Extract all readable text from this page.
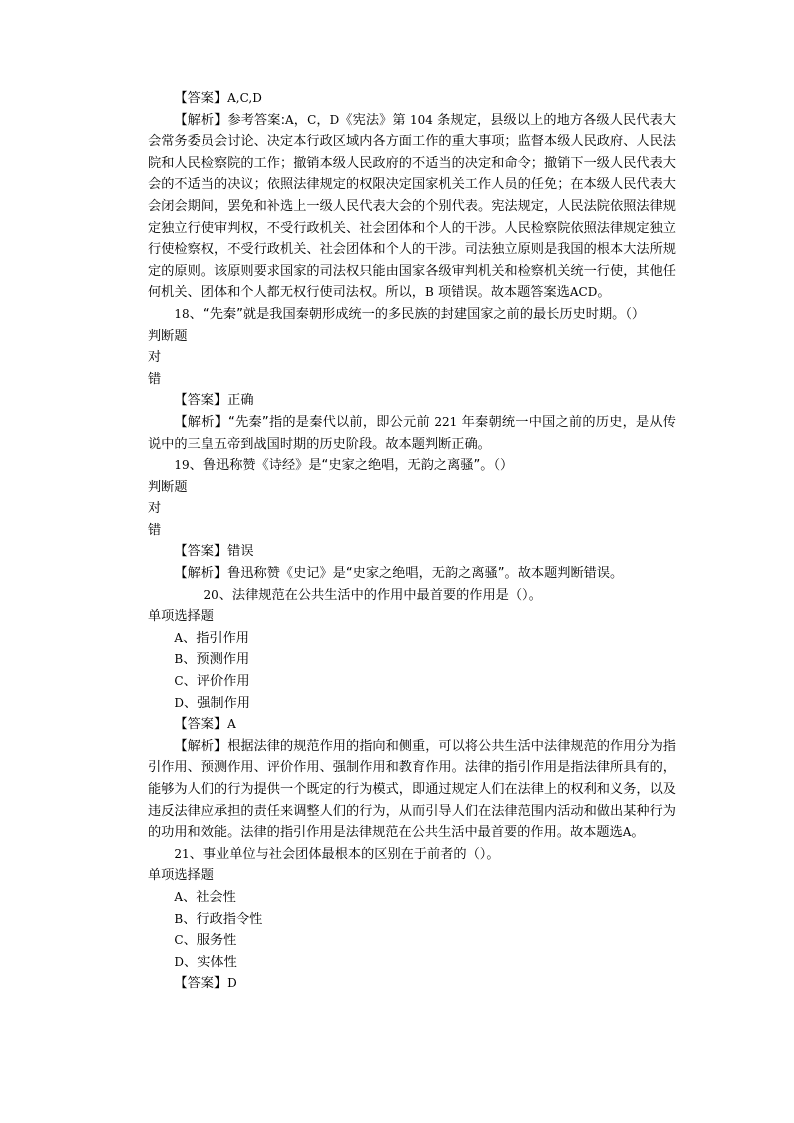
【答案】A,C,D
【解析】参考答案:A，C，D《宪法》第 104 条规定，县级以上的地方各级人民代表大会常务委员会讨论、决定本行政区域内各方面工作的重大事项；监督本级人民政府、人民法院和人民检察院的工作；撤销本级人民政府的不适当的决定和命令；撤销下一级人民代表大会的不适当的决议；依照法律规定的权限决定国家机关工作人员的任免；在本级人民代表大会闭会期间，罢免和补选上一级人民代表大会的个别代表。宪法规定，人民法院依照法律规定独立行使审判权，不受行政机关、社会团体和个人的干涉。人民检察院依照法律规定独立行使检察权，不受行政机关、社会团体和个人的干涉。司法独立原则是我国的根本大法所规定的原则。该原则要求国家的司法权只能由国家各级审判机关和检察机关统一行使，其他任何机关、团体和个人都无权行使司法权。所以，B 项错误。故本题答案选ACD。
18、“先秦”就是我国秦朝形成统一的多民族的封建国家之前的最长历史时期。（）
判断题
对
错
【答案】正确
【解析】“先秦”指的是秦代以前，即公元前 221 年秦朝统一中国之前的历史，是从传说中的三皇五帝到战国时期的历史阶段。故本题判断正确。
19、鲁迅称赞《诗经》是“史家之绝唱，无韵之离骚”。（）
判断题
对
错
【答案】错误
【解析】鲁迅称赞《史记》是“史家之绝唱，无韵之离骚”。故本题判断错误。
20、法律规范在公共生活中的作用中最首要的作用是（）。
单项选择题
A、指引作用
B、预测作用
C、评价作用
D、强制作用
【答案】A
【解析】根据法律的规范作用的指向和侧重，可以将公共生活中法律规范的作用分为指引作用、预测作用、评价作用、强制作用和教育作用。法律的指引作用是指法律所具有的，能够为人们的行为提供一个既定的行为模式，即通过规定人们在法律上的权利和义务，以及违反法律应承担的责任来调整人们的行为，从而引导人们在法律范围内活动和做出某种行为的功用和效能。法律的指引作用是法律规范在公共生活中最首要的作用。故本题选A。
21、事业单位与社会团体最根本的区别在于前者的（）。
单项选择题
A、社会性
B、行政指令性
C、服务性
D、实体性
【答案】D
